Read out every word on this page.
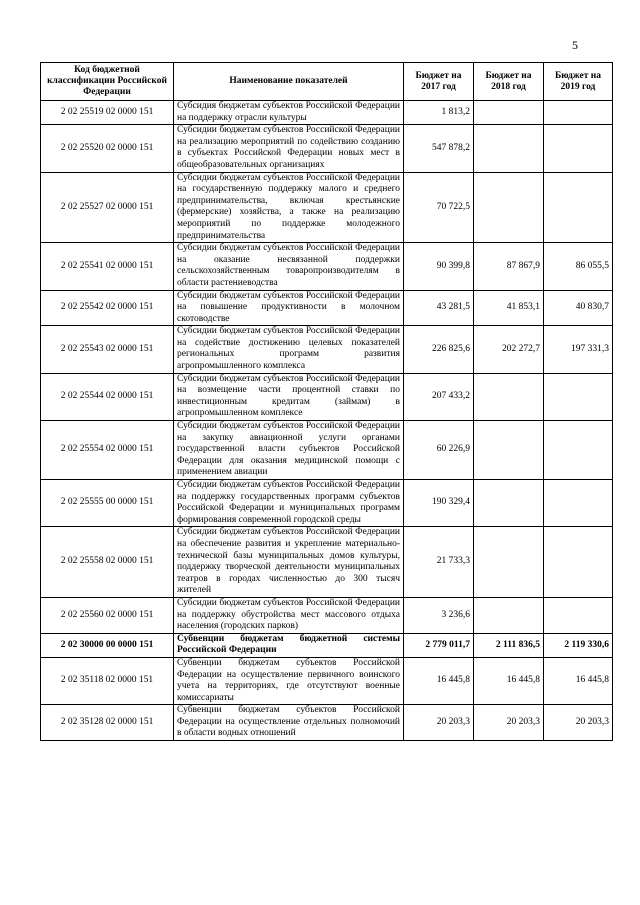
5
Код бюджетной классификации Российской Федерации	Наименование показателей	Бюджет на 2017 год	Бюджет на 2018 год	Бюджет на 2019 год
2 02 25519 02 0000 151	Субсидия бюджетам субъектов Российской Федерации на поддержку отрасли культуры	1 813,2		
2 02 25520 02 0000 151	Субсидии бюджетам субъектов Российской Федерации на реализацию мероприятий по содействию созданию в субъектах Российской Федерации новых мест в общеобразовательных организациях	547 878,2		
2 02 25527 02 0000 151	Субсидии бюджетам субъектов Российской Федерации на государственную поддержку малого и среднего предпринимательства, включая крестьянские (фермерские) хозяйства, а также на реализацию мероприятий по поддержке молодежного предпринимательства	70 722,5		
2 02 25541 02 0000 151	Субсидии бюджетам субъектов Российской Федерации на оказание несвязанной поддержки сельскохозяйственным товаропроизводителям в области растениеводства	90 399,8	87 867,9	86 055,5
2 02 25542 02 0000 151	Субсидии бюджетам субъектов Российской Федерации на повышение продуктивности в молочном скотоводстве	43 281,5	41 853,1	40 830,7
2 02 25543 02 0000 151	Субсидии бюджетам субъектов Российской Федерации на содействие достижению целевых показателей региональных программ развития агропромышленного комплекса	226 825,6	202 272,7	197 331,3
2 02 25544 02 0000 151	Субсидии бюджетам субъектов Российской Федерации на возмещение части процентной ставки по инвестиционным кредитам (займам) в агропромышленном комплексе	207 433,2		
2 02 25554 02 0000 151	Субсидии бюджетам субъектов Российской Федерации на закупку авиационной услуги органами государственной власти субъектов Российской Федерации для оказания медицинской помощи с применением авиации	60 226,9		
2 02 25555 00 0000 151	Субсидии бюджетам субъектов Российской Федерации на поддержку государственных программ субъектов Российской Федерации и муниципальных программ формирования современной городской среды	190 329,4		
2 02 25558 02 0000 151	Субсидии бюджетам субъектов Российской Федерации на обеспечение развития и укрепление материально-технической базы муниципальных домов культуры, поддержку творческой деятельности муниципальных театров в городах численностью до 300 тысяч жителей	21 733,3		
2 02 25560 02 0000 151	Субсидии бюджетам субъектов Российской Федерации на поддержку обустройства мест массового отдыха населения (городских парков)	3 236,6		
2 02 30000 00 0000 151	Субвенции бюджетам бюджетной системы Российской Федерации	2 779 011,7	2 111 836,5	2 119 330,6
2 02 35118 02 0000 151	Субвенции бюджетам субъектов Российской Федерации на осуществление первичного воинского учета на территориях, где отсутствуют военные комиссариаты	16 445,8	16 445,8	16 445,8
2 02 35128 02 0000 151	Субвенции бюджетам субъектов Российской Федерации на осуществление отдельных полномочий в области водных отношений	20 203,3	20 203,3	20 203,3
